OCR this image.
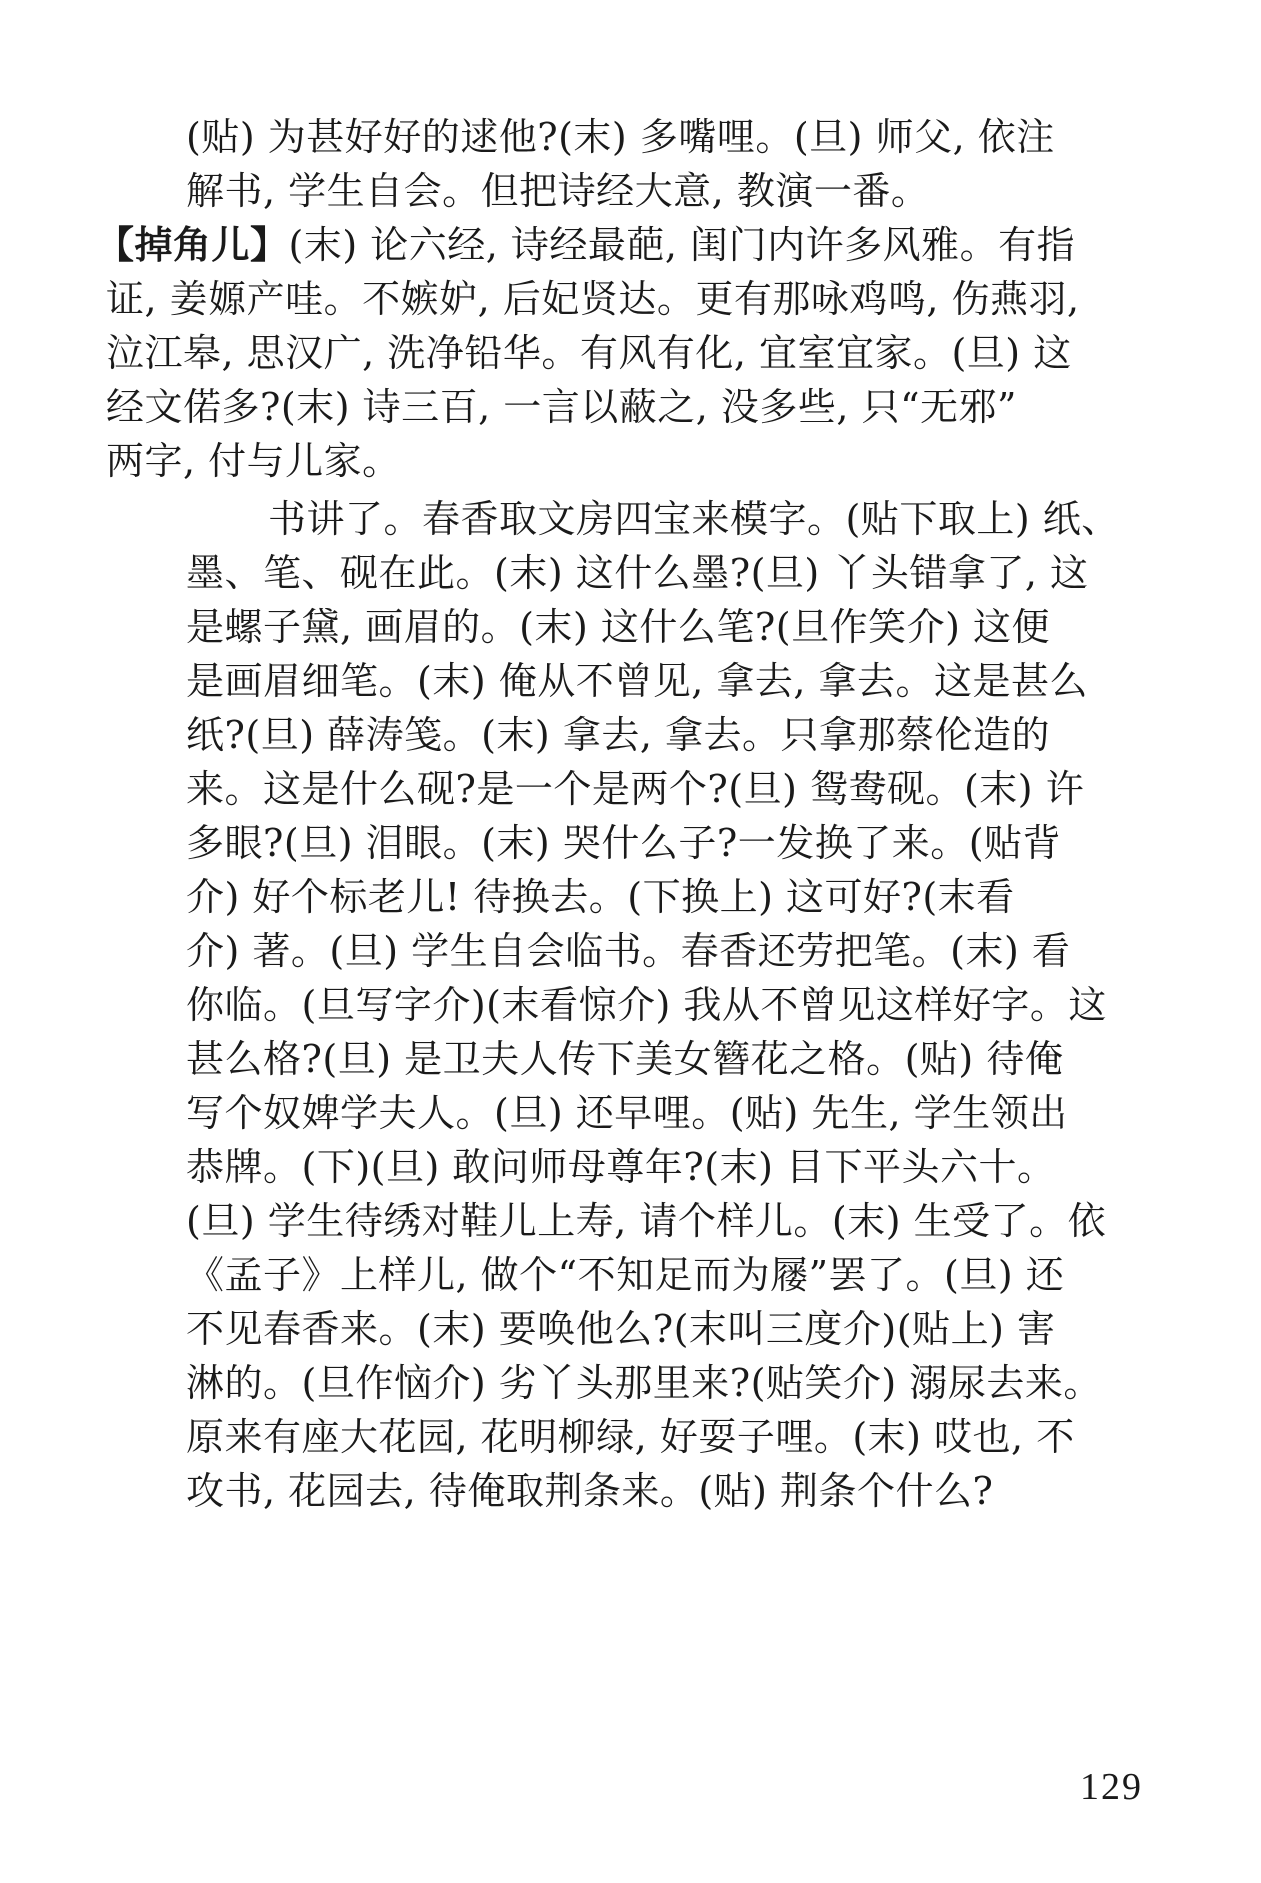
(贴) 为甚好好的逑他?(末) 多嘴哩。(旦) 师父, 依注
解书, 学生自会。但把诗经大意, 教演一番。
【掉角儿】(末) 论六经, 诗经最葩, 闺门内许多风雅。有指
证, 姜嫄产哇。不嫉妒, 后妃贤达。更有那咏鸡鸣, 伤燕羽,
泣江皋, 思汉广, 洗净铅华。有风有化, 宜室宜家。(旦) 这
经文偌多?(末) 诗三百, 一言以蔽之, 没多些, 只“无邪”
两字, 付与儿家。
书讲了。春香取文房四宝来模字。(贴下取上) 纸、
墨、笔、砚在此。(末) 这什么墨?(旦) 丫头错拿了, 这
是螺子黛, 画眉的。(末) 这什么笔?(旦作笑介) 这便
是画眉细笔。(末) 俺从不曾见, 拿去, 拿去。这是甚么
纸?(旦) 薛涛笺。(末) 拿去, 拿去。只拿那蔡伦造的
来。这是什么砚?是一个是两个?(旦) 鸳鸯砚。(末) 许
多眼?(旦) 泪眼。(末) 哭什么子?一发换了来。(贴背
介) 好个标老儿! 待换去。(下换上) 这可好?(末看
介) 著。(旦) 学生自会临书。春香还劳把笔。(末) 看
你临。(旦写字介)(末看惊介) 我从不曾见这样好字。这
甚么格?(旦) 是卫夫人传下美女簪花之格。(贴) 待俺
写个奴婢学夫人。(旦) 还早哩。(贴) 先生, 学生领出
恭牌。(下)(旦) 敢问师母尊年?(末) 目下平头六十。
(旦) 学生待绣对鞋儿上寿, 请个样儿。(末) 生受了。依
《孟子》上样儿, 做个“不知足而为屦”罢了。(旦) 还
不见春香来。(末) 要唤他么?(末叫三度介)(贴上) 害
淋的。(旦作恼介) 劣丫头那里来?(贴笑介) 溺尿去来。
原来有座大花园, 花明柳绿, 好耍子哩。(末) 哎也, 不
攻书, 花园去, 待俺取荆条来。(贴) 荆条个什么?
129
